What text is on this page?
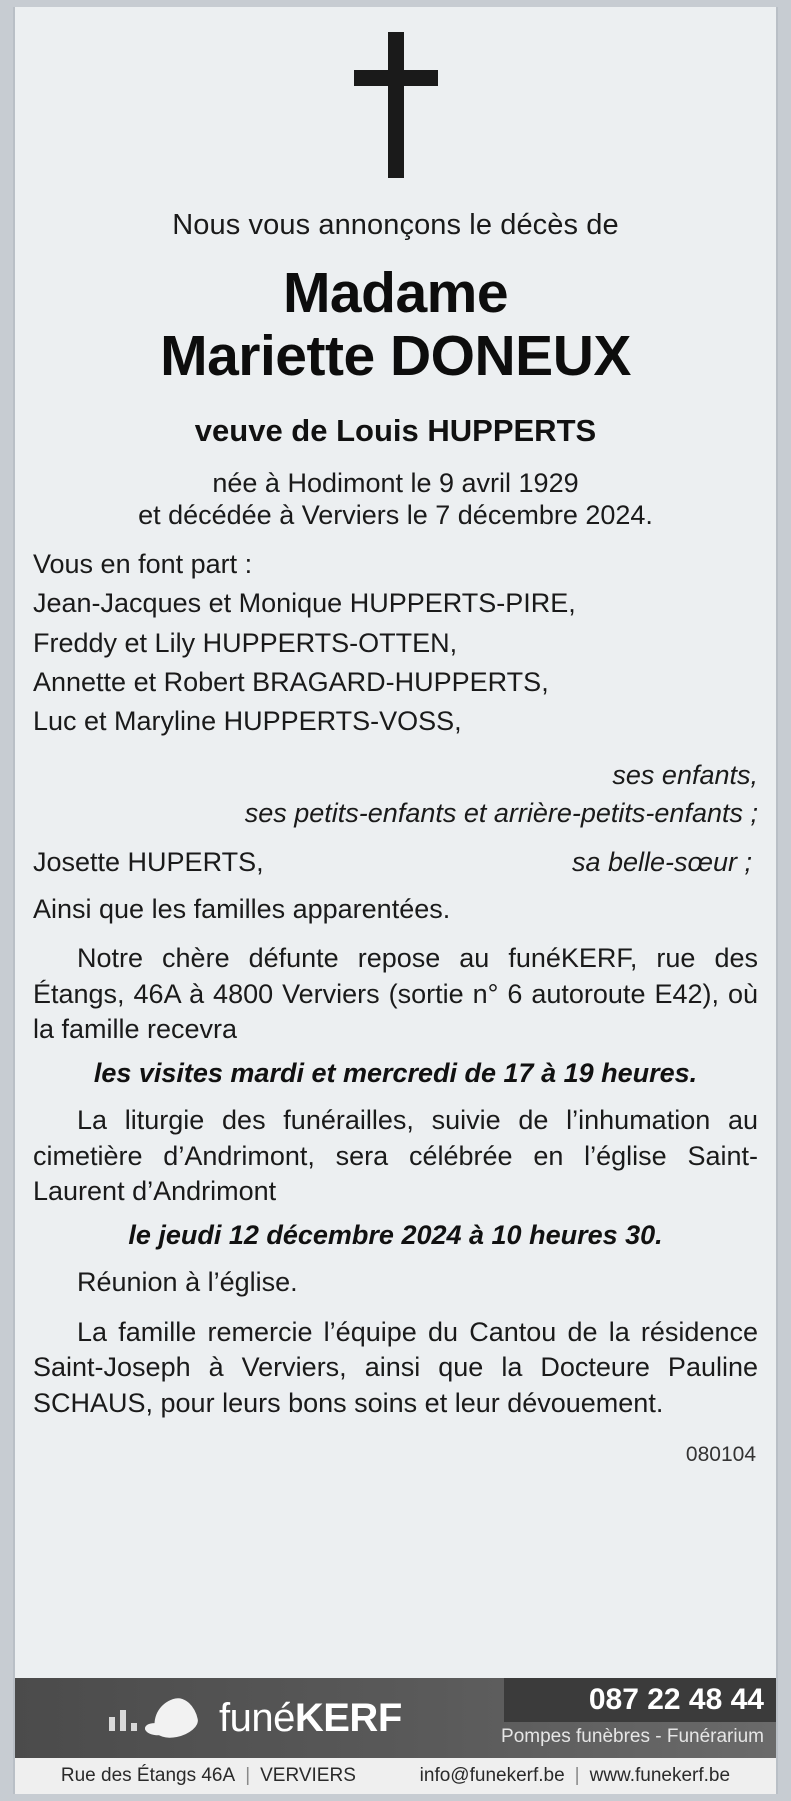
Nous vous annonçons le décès de
Madame
Mariette DONEUX
veuve de Louis HUPPERTS
née à Hodimont le 9 avril 1929
et décédée à Verviers le 7 décembre 2024.
Vous en font part :
Jean-Jacques et Monique HUPPERTS-PIRE,
Freddy et Lily HUPPERTS-OTTEN,
Annette et Robert BRAGARD-HUPPERTS,
Luc et Maryline HUPPERTS-VOSS,
ses enfants,
ses petits-enfants et arrière-petits-enfants ;
Josette HUPERTS,	sa belle-sœur ;
Ainsi que les familles apparentées.
Notre chère défunte repose au funéKERF, rue des Étangs, 46A à 4800 Verviers (sortie n° 6 autoroute E42), où la famille recevra
les visites mardi et mercredi de 17 à 19 heures.
La liturgie des funérailles, suivie de l’inhumation au cimetière d’Andrimont, sera célébrée en l’église Saint-Laurent d’Andrimont
le jeudi 12 décembre 2024 à 10 heures 30.
Réunion à l’église.
La famille remercie l’équipe du Cantou de la résidence Saint-Joseph à Verviers, ainsi que la Docteure Pauline SCHAUS, pour leurs bons soins et leur dévouement.
080104
funéKERF	087 22 48 44
Pompes funèbres - Funérarium
Rue des Étangs 46A | VERVIERS	info@funekerf.be | www.funekerf.be
